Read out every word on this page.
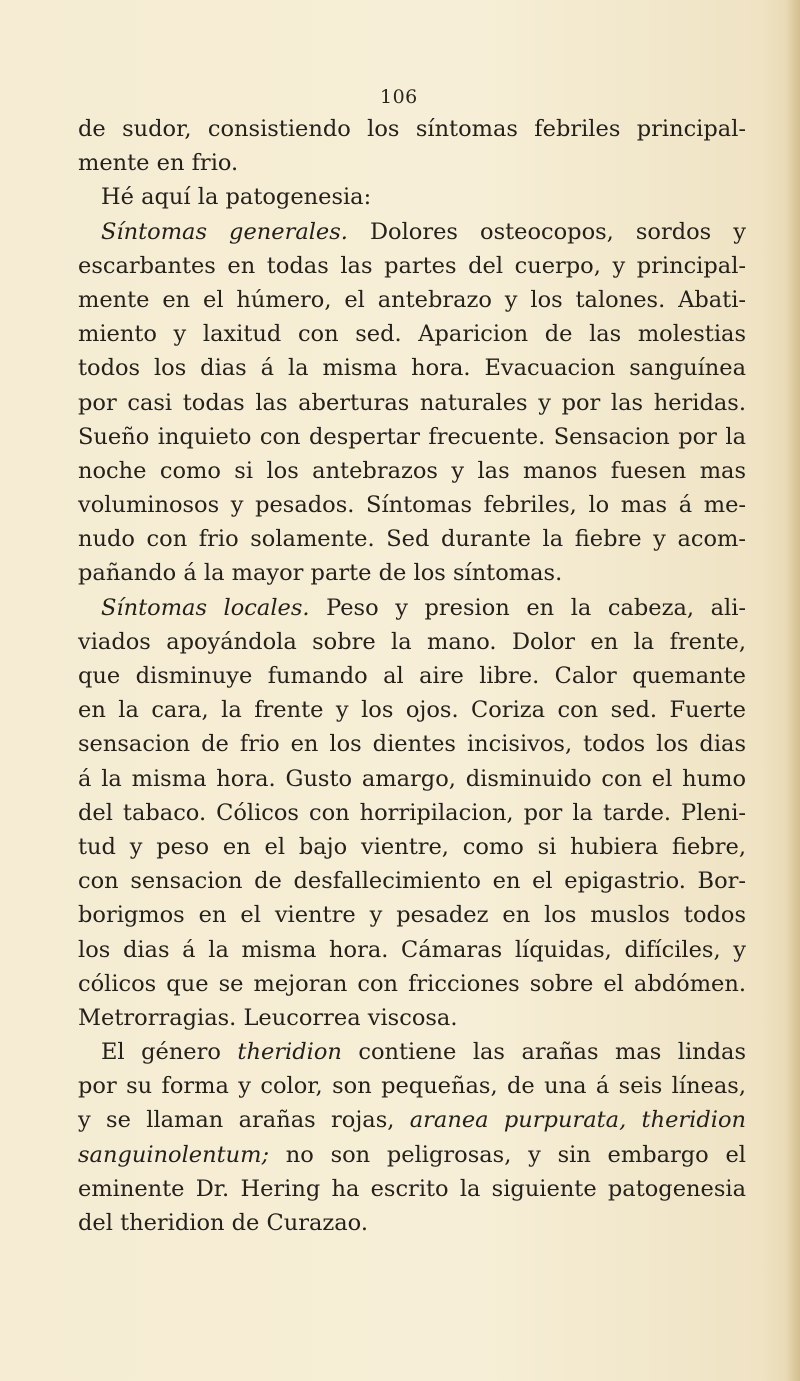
106
de sudor, consistiendo los síntomas febriles principal-
mente en frio.
Hé aquí la patogenesia:
Síntomas generales. Dolores osteocopos, sordos y
escarbantes en todas las partes del cuerpo, y principal-
mente en el húmero, el antebrazo y los talones. Abati-
miento y laxitud con sed. Aparicion de las molestias
todos los dias á la misma hora. Evacuacion sanguínea
por casi todas las aberturas naturales y por las heridas.
Sueño inquieto con despertar frecuente. Sensacion por la
noche como si los antebrazos y las manos fuesen mas
voluminosos y pesados. Síntomas febriles, lo mas á me-
nudo con frio solamente. Sed durante la fiebre y acom-
pañando á la mayor parte de los síntomas.
Síntomas locales. Peso y presion en la cabeza, ali-
viados apoyándola sobre la mano. Dolor en la frente,
que disminuye fumando al aire libre. Calor quemante
en la cara, la frente y los ojos. Coriza con sed. Fuerte
sensacion de frio en los dientes incisivos, todos los dias
á la misma hora. Gusto amargo, disminuido con el humo
del tabaco. Cólicos con horripilacion, por la tarde. Pleni-
tud y peso en el bajo vientre, como si hubiera fiebre,
con sensacion de desfallecimiento en el epigastrio. Bor-
borigmos en el vientre y pesadez en los muslos todos
los dias á la misma hora. Cámaras líquidas, difíciles, y
cólicos que se mejoran con fricciones sobre el abdómen.
Metrorragias. Leucorrea viscosa.
El género theridion contiene las arañas mas lindas
por su forma y color, son pequeñas, de una á seis líneas,
y se llaman arañas rojas, aranea purpurata, theridion
sanguinolentum; no son peligrosas, y sin embargo el
eminente Dr. Hering ha escrito la siguiente patogenesia
del theridion de Curazao.
